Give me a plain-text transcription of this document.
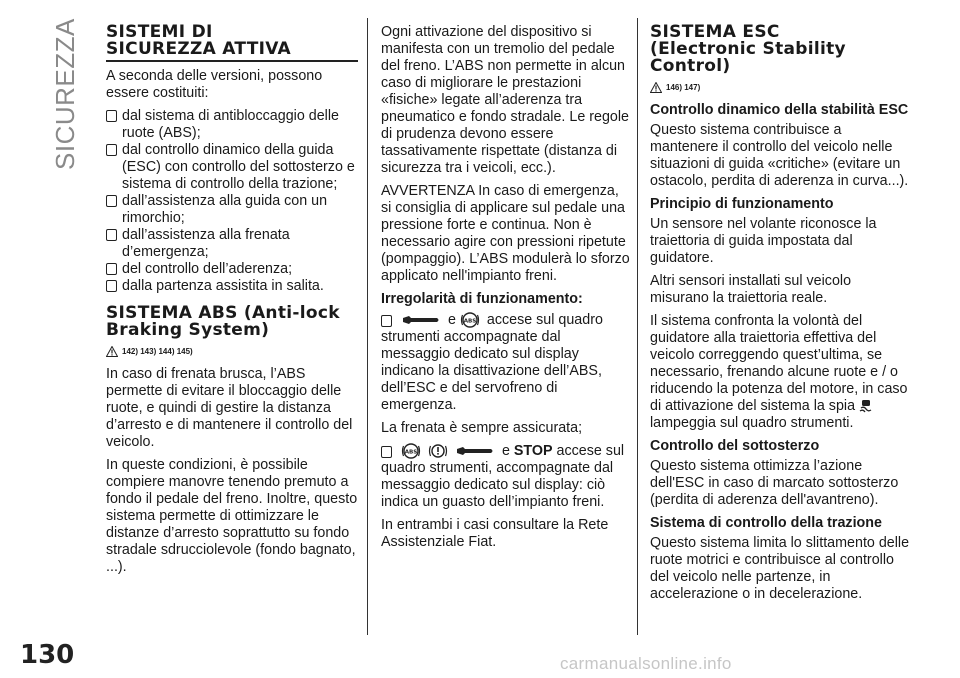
SICUREZZA
130	carmanualsonline.info
SISTEMI DI
SICUREZZA ATTIVA

A seconda delle versioni, possono essere costituiti:

dal sistema di antibloccaggio delle ruote (ABS);
dal controllo dinamico della guida (ESC) con controllo del sottosterzo e sistema di controllo della trazione;
dall’assistenza alla guida con un rimorchio;
dall’assistenza alla frenata d’emergenza;
del controllo dell’aderenza;
dalla partenza assistita in salita.
SISTEMA ABS (Anti-lock
Braking System)
142) 143) 144) 145)

In caso di frenata brusca, l’ABS permette di evitare il bloccaggio delle ruote, e quindi di gestire la distanza d’arresto e di mantenere il controllo del veicolo.

In queste condizioni, è possibile compiere manovre tenendo premuto a fondo il pedale del freno. Inoltre, questo sistema permette di ottimizzare le distanze d’arresto soprattutto su fondo stradale sdrucciolevole (fondo bagnato, ...).

Ogni attivazione del dispositivo si manifesta con un tremolio del pedale del freno. L’ABS non permette in alcun caso di migliorare le prestazioni «fisiche» legate all’aderenza tra pneumatico e fondo stradale. Le regole di prudenza devono essere tassativamente rispettate (distanza di sicurezza tra i veicoli, ecc.).

AVVERTENZA In caso di emergenza, si consiglia di applicare sul pedale una pressione forte e continua. Non è necessario agire con pressioni ripetute (pompaggio). L’ABS modulerà lo sforzo applicato nell'impianto freni.

Irregolarità di funzionamento:

e ABS accese sul quadro strumenti accompagnate dal messaggio dedicato sul display indicano la disattivazione dell’ABS, dell’ESC e del servofreno di emergenza.

La frenata è sempre assicurata;

ABS	e STOP accese sul quadro strumenti, accompagnate dal messaggio dedicato sul display: ciò indica un guasto dell’impianto freni.

In entrambi i casi consultare la Rete Assistenziale Fiat.

SISTEMA ESC
(Electronic Stability
Control)
146) 147)
Controllo dinamico della stabilità ESC

Questo sistema contribuisce a mantenere il controllo del veicolo nelle situazioni di guida «critiche» (evitare un ostacolo, perdita di aderenza in curva...).

Principio di funzionamento

Un sensore nel volante riconosce la traiettoria di guida impostata dal guidatore.

Altri sensori installati sul veicolo misurano la traiettoria reale.

Il sistema confronta la volontà del guidatore alla traiettoria effettiva del veicolo correggendo quest’ultima, se necessario, frenando alcune ruote e / o riducendo la potenza del motore, in caso di attivazione del sistema la spia lampeggia sul quadro strumenti.

Controllo del sottosterzo

Questo sistema ottimizza l’azione dell'ESC in caso di marcato sottosterzo (perdita di aderenza dell'avantreno).

Sistema di controllo della trazione

Questo sistema limita lo slittamento delle ruote motrici e contribuisce al controllo del veicolo nelle partenze, in accelerazione o in decelerazione.
